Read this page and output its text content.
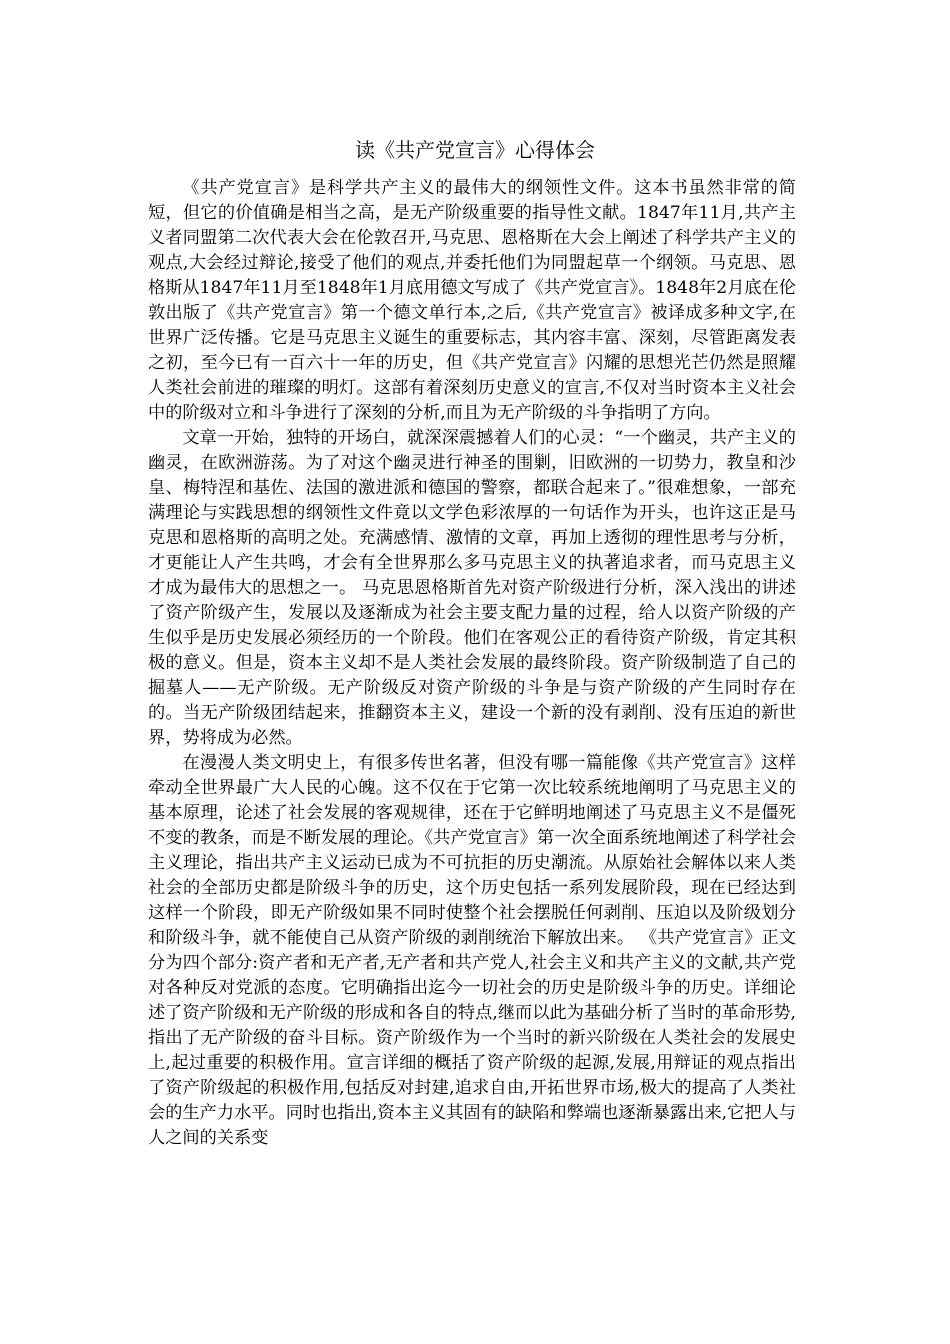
读《共产党宣言》心得体会

《共产党宣言》是科学共产主义的最伟大的纲领性文件。这本书虽然非常的简短，但它的价值确是相当之高，是无产阶级重要的指导性文献。1847年11月,共产主义者同盟第二次代表大会在伦敦召开,马克思、恩格斯在大会上阐述了科学共产主义的观点,大会经过辩论,接受了他们的观点,并委托他们为同盟起草一个纲领。马克思、恩格斯从1847年11月至1848年1月底用德文写成了《共产党宣言》。1848年2月底在伦敦出版了《共产党宣言》第一个德文单行本,之后,《共产党宣言》被译成多种文字,在世界广泛传播。它是马克思主义诞生的重要标志，其内容丰富、深刻，尽管距离发表之初，至今已有一百六十一年的历史，但《共产党宣言》闪耀的思想光芒仍然是照耀人类社会前进的璀璨的明灯。这部有着深刻历史意义的宣言,不仅对当时资本主义社会中的阶级对立和斗争进行了深刻的分析,而且为无产阶级的斗争指明了方向。

文章一开始，独特的开场白，就深深震撼着人们的心灵：“一个幽灵，共产主义的幽灵，在欧洲游荡。为了对这个幽灵进行神圣的围剿，旧欧洲的一切势力，教皇和沙皇、梅特涅和基佐、法国的激进派和德国的警察，都联合起来了。”很难想象，一部充满理论与实践思想的纲领性文件竟以文学色彩浓厚的一句话作为开头，也许这正是马克思和恩格斯的高明之处。充满感情、激情的文章，再加上透彻的理性思考与分析，才更能让人产生共鸣，才会有全世界那么多马克思主义的执著追求者，而马克思主义才成为最伟大的思想之一。 马克思恩格斯首先对资产阶级进行分析，深入浅出的讲述了资产阶级产生，发展以及逐渐成为社会主要支配力量的过程，给人以资产阶级的产生似乎是历史发展必须经历的一个阶段。他们在客观公正的看待资产阶级，肯定其积极的意义。但是，资本主义却不是人类社会发展的最终阶段。资产阶级制造了自己的掘墓人——无产阶级。无产阶级反对资产阶级的斗争是与资产阶级的产生同时存在的。当无产阶级团结起来，推翻资本主义，建设一个新的没有剥削、没有压迫的新世界，势将成为必然。

在漫漫人类文明史上，有很多传世名著，但没有哪一篇能像《共产党宣言》这样牵动全世界最广大人民的心魄。这不仅在于它第一次比较系统地阐明了马克思主义的基本原理，论述了社会发展的客观规律，还在于它鲜明地阐述了马克思主义不是僵死不变的教条，而是不断发展的理论。《共产党宣言》第一次全面系统地阐述了科学社会主义理论，指出共产主义运动已成为不可抗拒的历史潮流。从原始社会解体以来人类社会的全部历史都是阶级斗争的历史，这个历史包括一系列发展阶段，现在已经达到这样一个阶段，即无产阶级如果不同时使整个社会摆脱任何剥削、压迫以及阶级划分和阶级斗争，就不能使自己从资产阶级的剥削统治下解放出来。 《共产党宣言》正文分为四个部分:资产者和无产者,无产者和共产党人,社会主义和共产主义的文献,共产党对各种反对党派的态度。它明确指出迄今一切社会的历史是阶级斗争的历史。详细论述了资产阶级和无产阶级的形成和各自的特点,继而以此为基础分析了当时的革命形势,指出了无产阶级的奋斗目标。资产阶级作为一个当时的新兴阶级在人类社会的发展史上,起过重要的积极作用。宣言详细的概括了资产阶级的起源,发展,用辩证的观点指出了资产阶级起的积极作用,包括反对封建,追求自由,开拓世界市场,极大的提高了人类社会的生产力水平。同时也指出,资本主义其固有的缺陷和弊端也逐渐暴露出来,它把人与人之间的关系变
